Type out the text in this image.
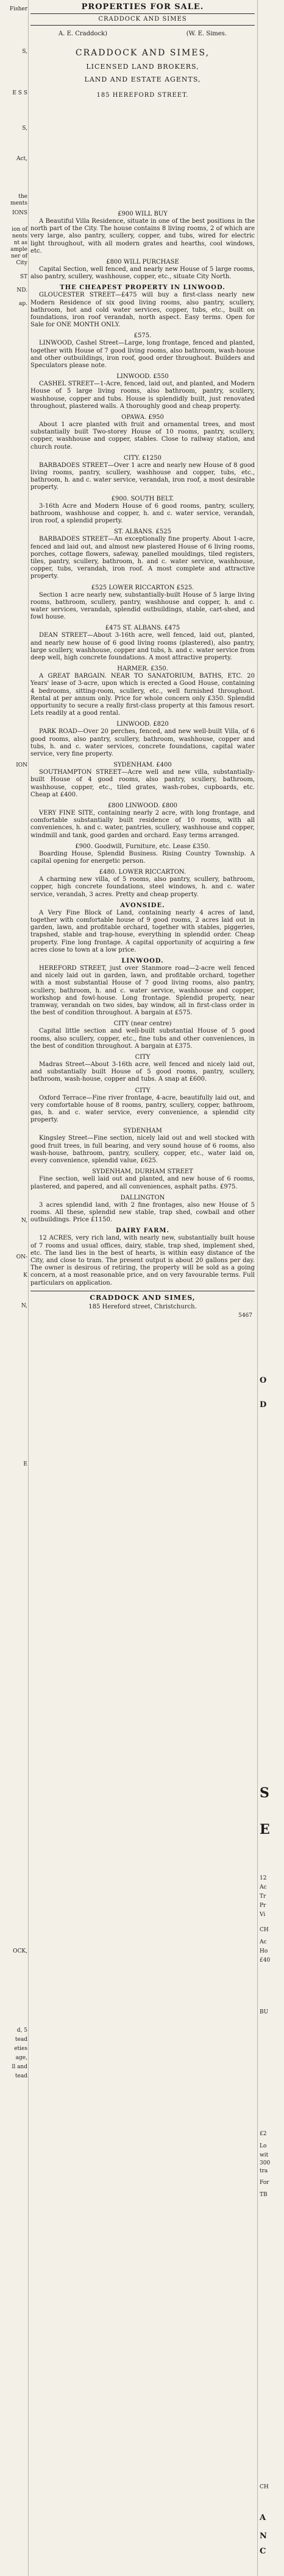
Fisher
S,
E S S
S,
Act,
the
ments
IONS
ion of
nents
nt as
ample
ner of
City
ST
ND.
ap.
ION
N,
ON-
K
N,
E
OCK,
d, 5
tead
eties
age,
ll and
tead
PROPERTIES FOR SALE.
CRADDOCK AND SIMES
A. E. Craddock)	(W. E. Simes.
CRADDOCK AND SIMES,
LICENSED LAND BROKERS,
LAND AND ESTATE AGENTS,
185 HEREFORD STREET.
£900 WILL BUY

A Beautiful Villa Residence, situate in one of the best positions in the north part of the City. The house contains 8 living rooms, 2 of which are very large, also pantry, scullery, copper, and tubs, wired for electric light throughout, with all modern grates and hearths, cool windows, etc.

£800 WILL PURCHASE

Capital Section, well fenced, and nearly new House of 5 large rooms, also pantry, scullery, washhouse, copper, etc., situate City North.

THE CHEAPEST PROPERTY IN LINWOOD.

GLOUCESTER STREET—£475 will buy a first-class nearly new Modern Residence of six good living rooms, also pantry, scullery, bathroom, hot and cold water services, copper, tubs, etc., built on foundations, iron roof verandah, north aspect. Easy terms. Open for Sale for ONE MONTH ONLY.

£575.

LINWOOD, Cashel Street—Large, long frontage, fenced and planted, together with House of 7 good living rooms, also bathroom, wash-house and other outbuildings, iron roof, good order throughout. Builders and Speculators please note.

LINWOOD. £550

CASHEL STREET—1-Acre, fenced, laid out, and planted, and Modern House of 5 large living rooms, also bathroom, pantry, scullery, washhouse, copper and tubs. House is splendidly built, just renovated throughout, plastered walls. A thoroughly good and cheap property.

OPAWA. £950

About 1 acre planted with fruit and ornamental trees, and most substantially built Two-storey House of 10 rooms, pantry, scullery, copper, washhouse and copper, stables. Close to railway station, and church route.

CITY. £1250

BARBADOES STREET—Over 1 acre and nearly new House of 8 good living rooms, pantry, scullery, washhouse and copper, tubs, etc., bathroom, h. and c. water service, verandah, iron roof, a most desirable property.

£900. SOUTH BELT.

3-16th Acre and Modern House of 6 good rooms, pantry, scullery, bathroom, washhouse and copper, h. and c. water service, verandah, iron roof, a splendid property.

ST. ALBANS. £525

BARBADOES STREET—An exceptionally fine property. About 1-acre, fenced and laid out, and almost new plastered House of 6 living rooms, porches, cottage flowers, safeway, panelled mouldings, tiled registers, tiles, pantry, scullery, bathroom, h. and c. water service, washhouse, copper, tubs, verandah, iron roof. A most complete and attractive property.

£525 LOWER RICCARTON £525.

Section 1 acre nearly new, substantially-built House of 5 large living rooms, bathroom, scullery, pantry, washhouse and copper, h. and c. water services, verandah, splendid outbuildings, stable, cart-shed, and fowl house.

£475 ST. ALBANS. £475

DEAN STREET—About 3-16th acre, well fenced, laid out, planted, and nearly new house of 6 good living rooms (plastered), also pantry, large scullery, washhouse, copper and tubs, h. and c. water service from deep well, high concrete foundations. A most attractive property.

HARMER. £350.

A GREAT BARGAIN. NEAR TO SANATORIUM, BATHS, ETC. 20 Years' lease of 3-acre, upon which is erected a Good House, containing 4 bedrooms, sitting-room, scullery, etc., well furnished throughout. Rental at per annum only. Price for whole concern only £350. Splendid opportunity to secure a really first-class property at this famous resort. Lets readily at a good rental.

LINWOOD. £820

PARK ROAD—Over 20 perches, fenced, and new well-built Villa, of 6 good rooms, also pantry, scullery, bathroom, washhouse, copper and tubs, h. and c. water services, concrete foundations, capital water service, very fine property.

SYDENHAM. £400

SOUTHAMPTON STREET—Acre well and new villa, substantially-built House of 4 good rooms, also pantry, scullery, bathroom, washhouse, copper, etc., tiled grates, wash-robes, cupboards, etc. Cheap at £400.

£800 LINWOOD. £800

VERY FINE SITE, containing nearly 2 acre, with long frontage, and comfortable substantially built residence of 10 rooms, with all conveniences, h. and c. water, pantries, scullery, washhouse and copper, windmill and tank, good garden and orchard. Easy terms arranged.

£900. Goodwill, Furniture, etc. Lease £350.

Boarding House, Splendid Business. Rising Country Township. A capital opening for energetic person.

£480. LOWER RICCARTON.

A charming new villa, of 5 rooms, also pantry, scullery, bathroom, copper, high concrete foundations, steel windows, h. and c. water service, verandah, 3 acres. Pretty and cheap property.

AVONSIDE.

A Very Fine Block of Land, containing nearly 4 acres of land, together with comfortable house of 9 good rooms, 2 acres laid out in garden, lawn, and profitable orchard, together with stables, piggeries, trapshed, stable and trap-house, everything in splendid order. Cheap property. Fine long frontage. A capital opportunity of acquiring a few acres close to town at a low price.

LINWOOD.

HEREFORD STREET, just over Stanmore road—2-acre well fenced and nicely laid out in garden, lawn, and profitable orchard, together with a most substantial House of 7 good living rooms, also pantry, scullery, bathroom, h. and c. water service, washhouse and copper, workshop and fowl-house. Long frontage. Splendid property, near tramway, verandah on two sides, bay window, all in first-class order in the best of condition throughout. A bargain at £575.

CITY (near centre)

Capital little section and well-built substantial House of 5 good rooms, also scullery, copper, etc., fine tubs and other conveniences, in the best of condition throughout. A bargain at £375.

CITY

Madras Street—About 3-16th acre, well fenced and nicely laid out, and substantially built House of 5 good rooms, pantry, scullery, bathroom, wash-house, copper and tubs. A snap at £600.

CITY

Oxford Terrace—Fine river frontage, 4-acre, beautifully laid out, and very comfortable house of 8 rooms, pantry, scullery, copper, bathroom, gas, h. and c. water service, every convenience, a splendid city property.

SYDENHAM

Kingsley Street—Fine section, nicely laid out and well stocked with good fruit trees, in full bearing, and very sound house of 6 rooms, also wash-house, bathroom, pantry, scullery, copper, etc., water laid on, every convenience, splendid value, £625.

SYDENHAM, DURHAM STREET

Fine section, well laid out and planted, and new house of 6 rooms, plastered, and papered, and all conveniences, asphalt paths. £975.

DALLINGTON

3 acres splendid land, with 2 fine frontages, also new House of 5 rooms. All these, splendid new stable, trap shed, cowbail and other outbuildings. Price £1150.

DAIRY FARM.

12 ACRES, very rich land, with nearly new, substantially built house of 7 rooms and usual offices, dairy, stable, trap shed, implement shed, etc. The land lies in the best of hearts, is within easy distance of the City, and close to tram. The present output is about 20 gallons per day. The owner is desirous of retiring, the property will be sold as a going concern, at a most reasonable price, and on very favourable terms. Full particulars on application.

CRADDOCK AND SIMES,
185 Hereford street, Christchurch.
5467
E
S
O
D
12
Ac
Tr
Pr
Vi
CH
Ac
Ho
£40
BU
£2
Lo
wit
300
tra
For
TB
CH
A
N
C
